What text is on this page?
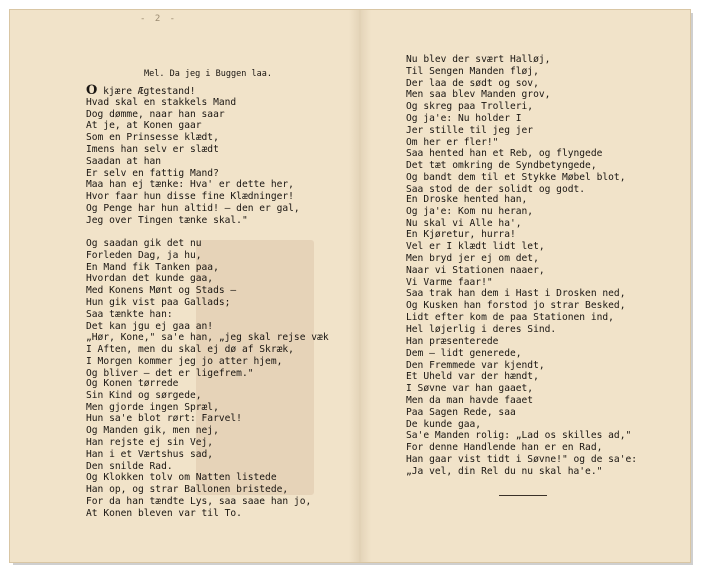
- 2 -
Mel. Da jeg i Buggen laa.
O kjære Ægtestand!
Hvad skal en stakkels Mand
Dog dømme, naar han saar
At je, at Konen gaar
Som en Prinsesse klædt,
Imens han selv er slædt
Saadan at han
Er selv en fattig Mand?
Maa han ej tænke: Hva' er dette her,
Hvor faar hun disse fine Klædninger!
Og Penge har hun altid! — den er gal,
Jeg over Tingen tænke skal."
Og saadan gik det nu
Forleden Dag, ja hu,
En Mand fik Tanken paa,
Hvordan det kunde gaa,
Med Konens Mønt og Stads —
Hun gik vist paa Gallads;
Saa tænkte han:
Det kan jgu ej gaa an!
„Hør, Kone," sa'e han, „jeg skal rejse væk
I Aften, men du skal ej dø af Skræk,
I Morgen kommer jeg jo atter hjem,
Og bliver — det er ligefrem."
Og Konen tørrede
Sin Kind og sørgede,
Men gjorde ingen Spræl,
Hun sa'e blot rørt: Farvel!
Og Manden gik, men nej,
Han rejste ej sin Vej,
Han i et Værtshus sad,
Den snilde Rad.
Og Klokken tolv om Natten listede
Han op, og strar Ballonen bristede,
For da han tændte Lys, saa saae han jo,
At Konen bleven var til To.
Nu blev der svært Halløj,
Til Sengen Manden fløj,
Der laa de sødt og sov,
Men saa blev Manden grov,
Og skreg paa Trolleri,
Og ja'e: Nu holder I
Jer stille til jeg jer
Om her er fler!"
Saa hented han et Reb, og flyngede
Det tæt omkring de Syndbetyngede,
Og bandt dem til et Stykke Møbel blot,
Saa stod de der solidt og godt.
En Droske hented han,
Og ja'e: Kom nu heran,
Nu skal vi Alle ha',
En Kjøretur, hurra!
Vel er I klædt lidt let,
Men bryd jer ej om det,
Naar vi Stationen naaer,
Vi Varme faar!"
Saa trak han dem i Hast i Drosken ned,
Og Kusken han forstod jo strar Besked,
Lidt efter kom de paa Stationen ind,
Hel løjerlig i deres Sind.
Han præsenterede
Dem — lidt generede,
Den Fremmede var kjendt,
Et Uheld var der hændt,
I Søvne var han gaaet,
Men da man havde faaet
Paa Sagen Rede, saa
De kunde gaa,
Sa'e Manden rolig: „Lad os skilles ad,"
For denne Handlende han er en Rad,
Han gaar vist tidt i Søvne!" og de sa'e:
„Ja vel, din Rel du nu skal ha'e."
